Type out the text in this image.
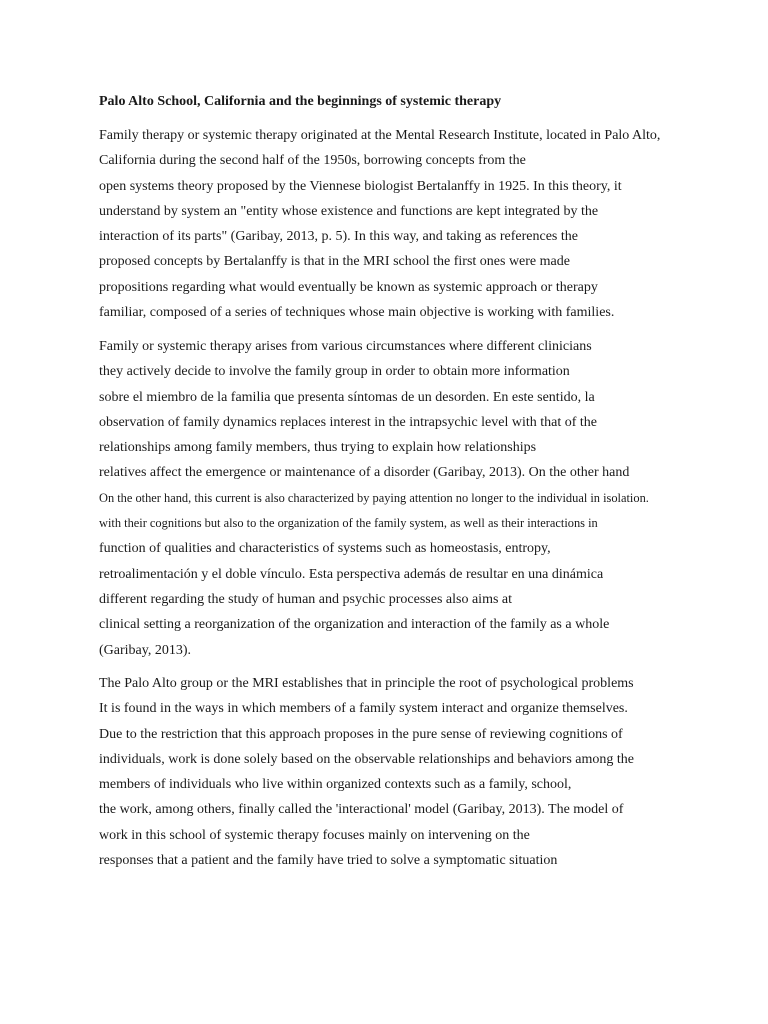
Palo Alto School, California and the beginnings of systemic therapy
Family therapy or systemic therapy originated at the Mental Research Institute, located in Palo Alto,
California during the second half of the 1950s, borrowing concepts from the
open systems theory proposed by the Viennese biologist Bertalanffy in 1925. In this theory, it
understand by system an "entity whose existence and functions are kept integrated by the
interaction of its parts" (Garibay, 2013, p. 5). In this way, and taking as references the
proposed concepts by Bertalanffy is that in the MRI school the first ones were made
propositions regarding what would eventually be known as systemic approach or therapy
familiar, composed of a series of techniques whose main objective is working with families.
Family or systemic therapy arises from various circumstances where different clinicians
they actively decide to involve the family group in order to obtain more information
sobre el miembro de la familia que presenta síntomas de un desorden. En este sentido, la
observation of family dynamics replaces interest in the intrapsychic level with that of the
relationships among family members, thus trying to explain how relationships
relatives affect the emergence or maintenance of a disorder (Garibay, 2013). On the other hand
On the other hand, this current is also characterized by paying attention no longer to the individual in isolation.
with their cognitions but also to the organization of the family system, as well as their interactions in
function of qualities and characteristics of systems such as homeostasis, entropy,
retroalimentación y el doble vínculo. Esta perspectiva además de resultar en una dinámica
different regarding the study of human and psychic processes also aims at
clinical setting a reorganization of the organization and interaction of the family as a whole
(Garibay, 2013).
The Palo Alto group or the MRI establishes that in principle the root of psychological problems
It is found in the ways in which members of a family system interact and organize themselves.
Due to the restriction that this approach proposes in the pure sense of reviewing cognitions of
individuals, work is done solely based on the observable relationships and behaviors among the
members of individuals who live within organized contexts such as a family, school,
the work, among others, finally called the 'interactional' model (Garibay, 2013). The model of
work in this school of systemic therapy focuses mainly on intervening on the
responses that a patient and the family have tried to solve a symptomatic situation
